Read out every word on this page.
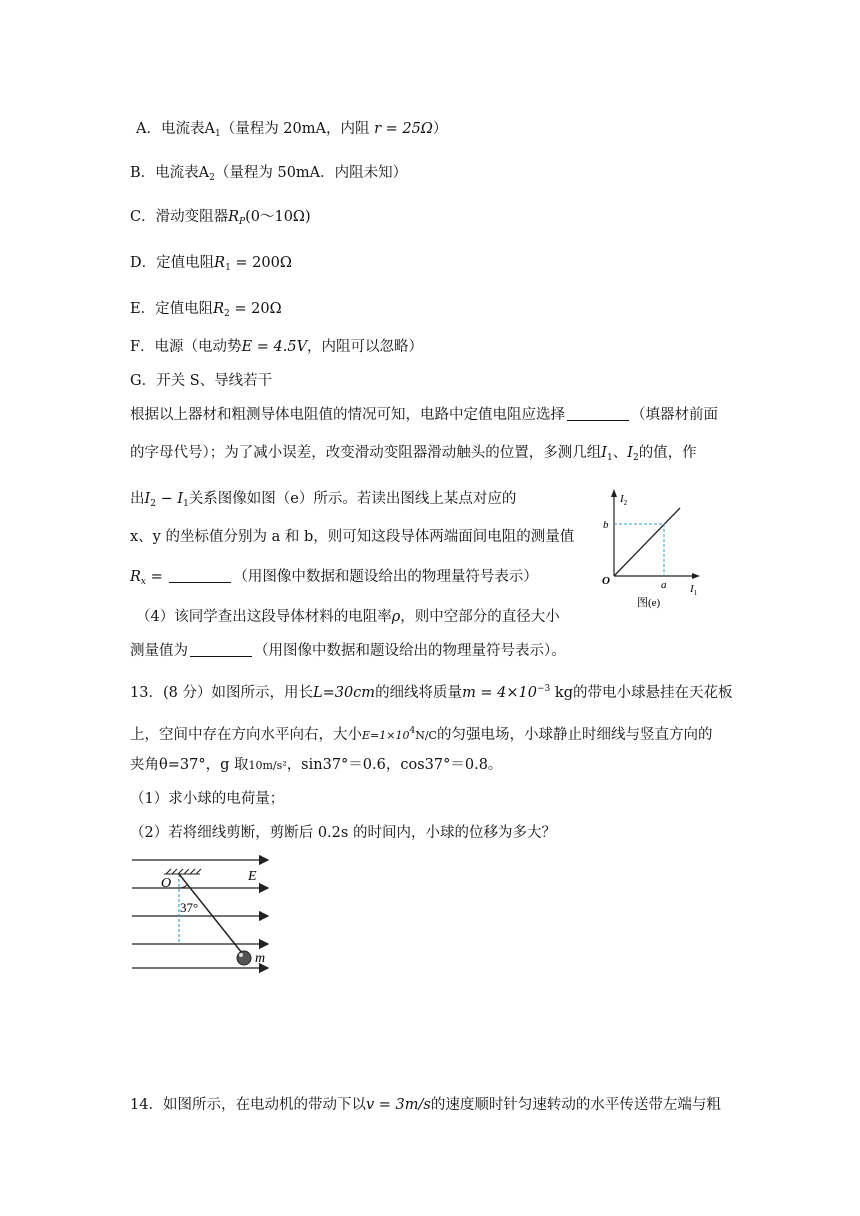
A．电流表$A_1$（量程为 20mA，内阻 r = 25Ω）
B．电流表$A_2$（量程为 50mA．内阻未知）
C．滑动变阻器$R_P(0\sim 10\Omega)$
D．定值电阻$R_1 = 200\Omega$
E．定值电阻$R_2 = 20\Omega$
F．电源（电动势E = 4.5V，内阻可以忽略）
G．开关 S、导线若干
根据以上器材和粗测导体电阻值的情况可知，电路中定值电阻应选择	（填器材前面
的字母代号）；为了减小误差，改变滑动变阻器滑动触头的位置，多测几组$I_1$、$I_2$的值，作
出$I_2 - I_1$关系图像如图（e）所示。若读出图线上某点对应的
x、y 的坐标值分别为 a 和 b，则可知这段导体两端面间电阻的测量值
$R_x$ =	（用图像中数据和题设给出的物理量符号表示）
（4）该同学查出这段导体材料的电阻率ρ，则中空部分的直径大小
测量值为	（用图像中数据和题设给出的物理量符号表示）。
$I_2$
$I_1$
O
b
a
图(e)
13．(8 分）如图所示，用长L=30cm的细线将质量$m = 4\times 10^{-3}$ kg的带电小球悬挂在天花板
上，空间中存在方向水平向右，大小$E=1\times 10^4N/C$的匀强电场，小球静止时细线与竖直方向的
夹角θ=37°，g 取10m/s²，sin37°＝0.6，cos37°＝0.8。
（1）求小球的电荷量；
（2）若将细线剪断，剪断后 0.2s 的时间内，小球的位移为多大？
O	E
37°
m
14．如图所示，在电动机的带动下以v = 3m/s的速度顺时针匀速转动的水平传送带左端与粗
